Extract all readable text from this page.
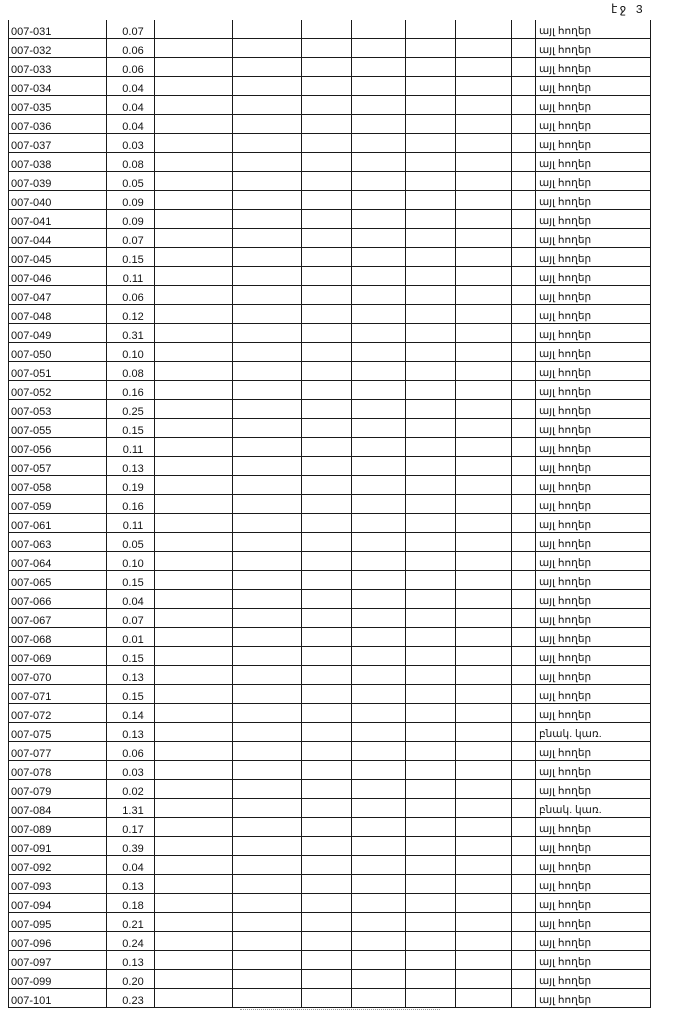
էջ 3
007-031	0.07	այլ հողեր
007-032	0.06	այլ հողեր
007-033	0.06	այլ հողեր
007-034	0.04	այլ հողեր
007-035	0.04	այլ հողեր
007-036	0.04	այլ հողեր
007-037	0.03	այլ հողեր
007-038	0.08	այլ հողեր
007-039	0.05	այլ հողեր
007-040	0.09	այլ հողեր
007-041	0.09	այլ հողեր
007-044	0.07	այլ հողեր
007-045	0.15	այլ հողեր
007-046	0.11	այլ հողեր
007-047	0.06	այլ հողեր
007-048	0.12	այլ հողեր
007-049	0.31	այլ հողեր
007-050	0.10	այլ հողեր
007-051	0.08	այլ հողեր
007-052	0.16	այլ հողեր
007-053	0.25	այլ հողեր
007-055	0.15	այլ հողեր
007-056	0.11	այլ հողեր
007-057	0.13	այլ հողեր
007-058	0.19	այլ հողեր
007-059	0.16	այլ հողեր
007-061	0.11	այլ հողեր
007-063	0.05	այլ հողեր
007-064	0.10	այլ հողեր
007-065	0.15	այլ հողեր
007-066	0.04	այլ հողեր
007-067	0.07	այլ հողեր
007-068	0.01	այլ հողեր
007-069	0.15	այլ հողեր
007-070	0.13	այլ հողեր
007-071	0.15	այլ հողեր
007-072	0.14	այլ հողեր
007-075	0.13	բնակ. կառ.
007-077	0.06	այլ հողեր
007-078	0.03	այլ հողեր
007-079	0.02	այլ հողեր
007-084	1.31	բնակ. կառ.
007-089	0.17	այլ հողեր
007-091	0.39	այլ հողեր
007-092	0.04	այլ հողեր
007-093	0.13	այլ հողեր
007-094	0.18	այլ հողեր
007-095	0.21	այլ հողեր
007-096	0.24	այլ հողեր
007-097	0.13	այլ հողեր
007-099	0.20	այլ հողեր
007-101	0.23	այլ հողեր
